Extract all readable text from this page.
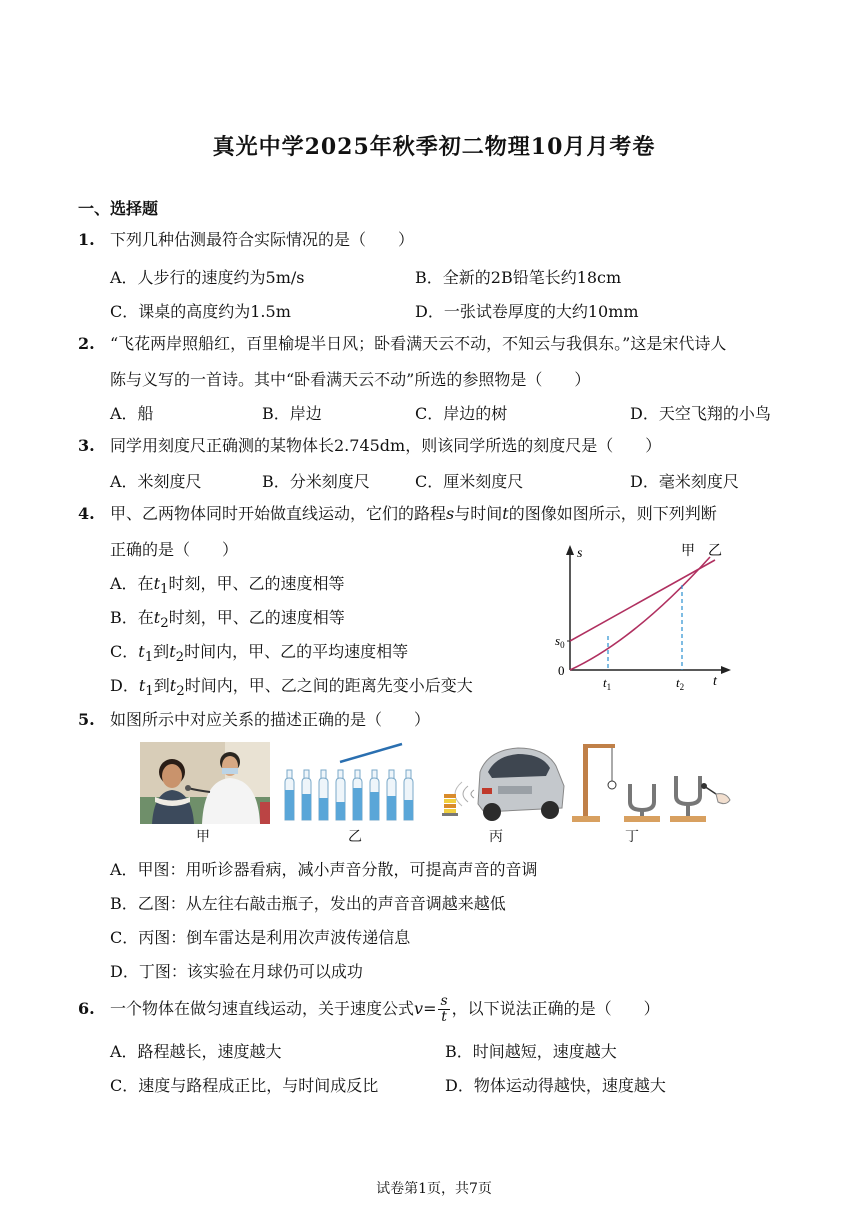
真光中学2025年秋季初二物理10月月考卷
一、选择题
1. 下列几种估测最符合实际情况的是（　　）
A．人步行的速度约为5m/s	B．全新的2B铅笔长约18cm
C．课桌的高度约为1.5m	D．一张试卷厚度的大约10mm
2. “飞花两岸照船红，百里榆堤半日风；卧看满天云不动，不知云与我俱东。”这是宋代诗人
陈与义写的一首诗。其中“卧看满天云不动”所选的参照物是（　　）
A．船	B．岸边	C．岸边的树	D．天空飞翔的小鸟
3. 同学用刻度尺正确测的某物体长2.745dm，则该同学所选的刻度尺是（　　）
A．米刻度尺	B．分米刻度尺	C．厘米刻度尺	D．毫米刻度尺
4. 甲、乙两物体同时开始做直线运动，它们的路程s与时间t的图像如图所示，则下列判断
正确的是（　　）
A．在$t_1$时刻，甲、乙的速度相等
B．在$t_2$时刻，甲、乙的速度相等
C．$t_1$到$t_2$时间内，甲、乙的平均速度相等
D．$t_1$到$t_2$时间内，甲、乙之间的距离先变小后变大
s
t
0
$s_0$
$t_1$	$t_2$
甲 乙
5. 如图所示中对应关系的描述正确的是（　　）
甲	乙	丙	丁
A．甲图：用听诊器看病，减小声音分散，可提高声音的音调
B．乙图：从左往右敲击瓶子，发出的声音音调越来越低
C．丙图：倒车雷达是利用次声波传递信息
D．丁图：该实验在月球仍可以成功
6. 一个物体在做匀速直线运动，关于速度公式$v= \frac{s}{t}$ ，以下说法正确的是（　　）
A．路程越长，速度越大	B．时间越短，速度越大
C．速度与路程成正比，与时间成反比	D．物体运动得越快，速度越大
试卷第1页，共7页
